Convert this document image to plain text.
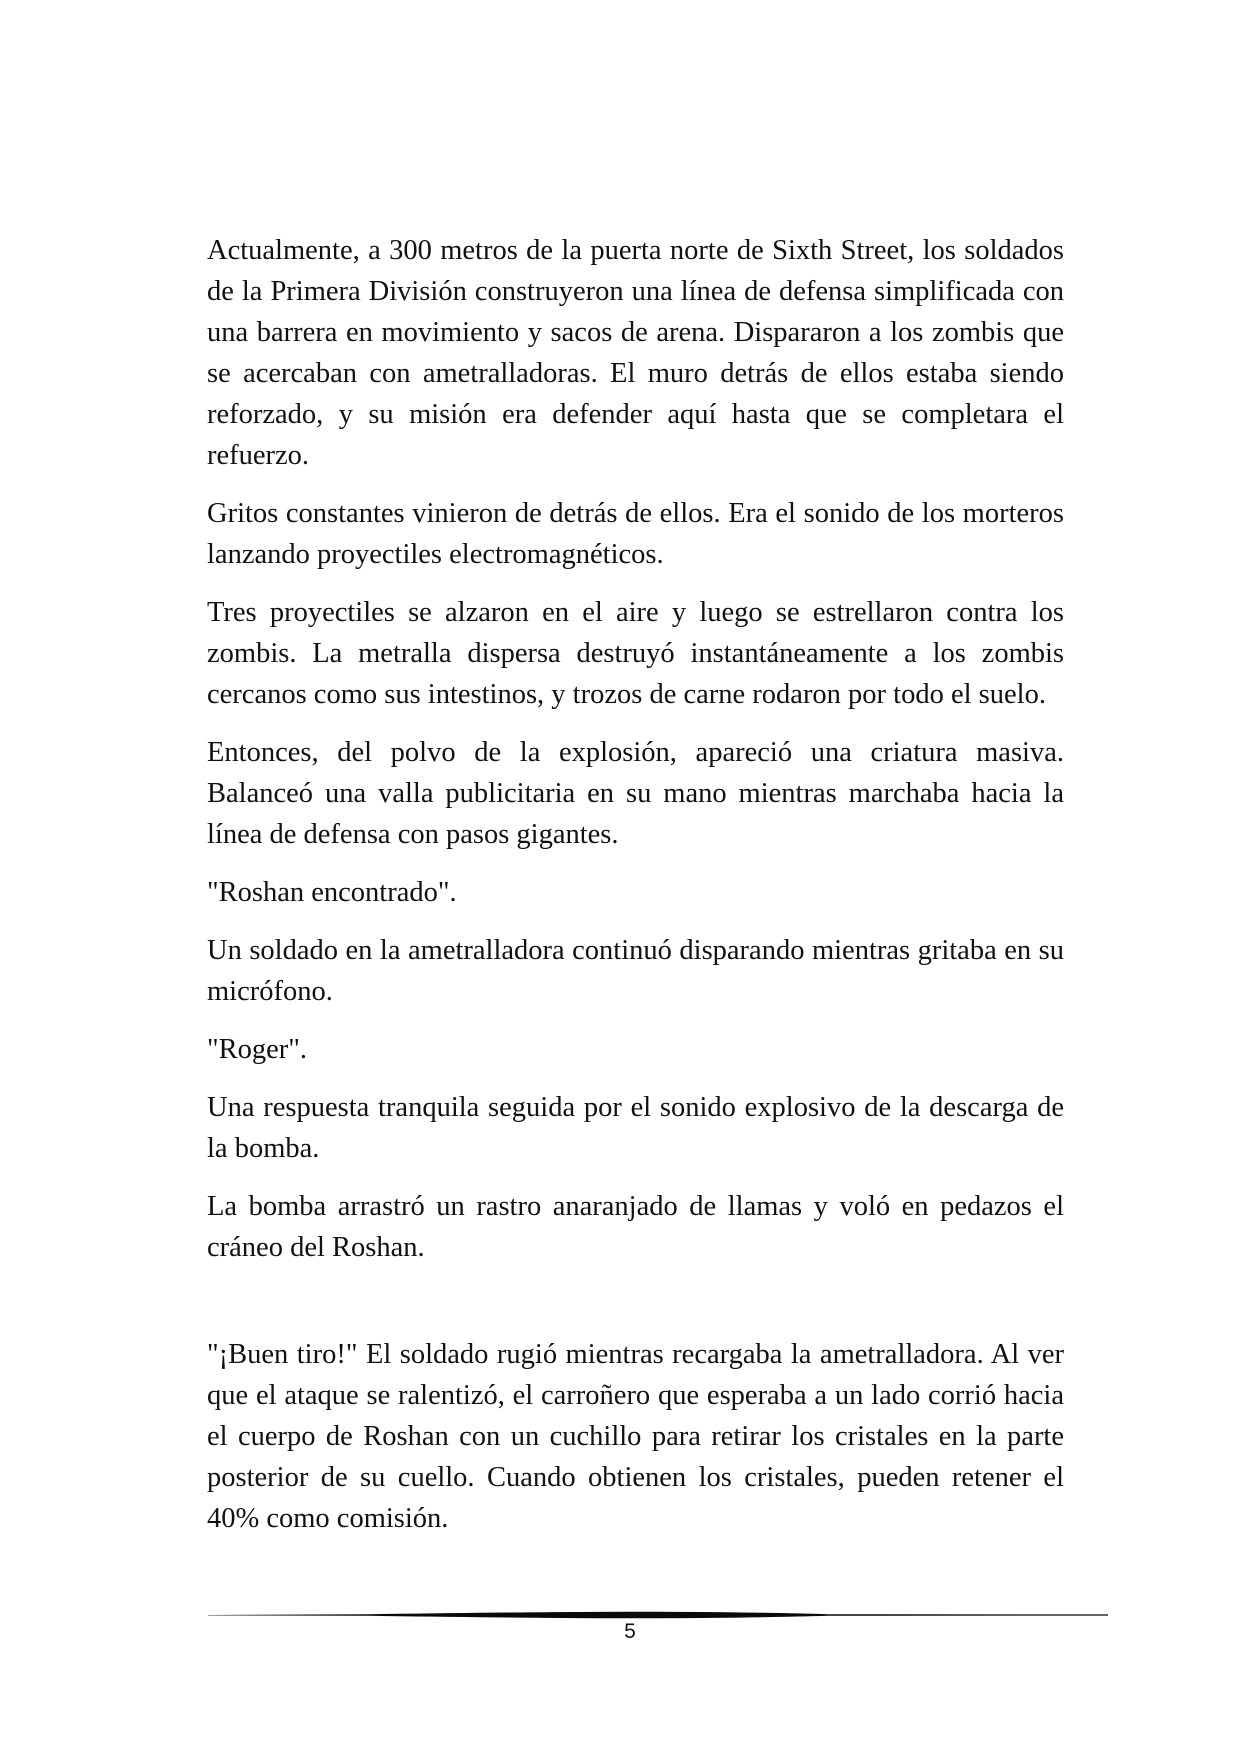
Actualmente, a 300 metros de la puerta norte de Sixth Street, los soldados de la Primera División construyeron una línea de defensa simplificada con una barrera en movimiento y sacos de arena. Dispararon a los zombis que se acercaban con ametralladoras. El muro detrás de ellos estaba siendo reforzado, y su misión era defender aquí hasta que se completara el refuerzo.

Gritos constantes vinieron de detrás de ellos. Era el sonido de los morteros lanzando proyectiles electromagnéticos.

Tres proyectiles se alzaron en el aire y luego se estrellaron contra los zombis. La metralla dispersa destruyó instantáneamente a los zombis cercanos como sus intestinos, y trozos de carne rodaron por todo el suelo.

Entonces, del polvo de la explosión, apareció una criatura masiva. Balanceó una valla publicitaria en su mano mientras marchaba hacia la línea de defensa con pasos gigantes.

"Roshan encontrado".

Un soldado en la ametralladora continuó disparando mientras gritaba en su micrófono.

"Roger".

Una respuesta tranquila seguida por el sonido explosivo de la descarga de la bomba.

La bomba arrastró un rastro anaranjado de llamas y voló en pedazos el cráneo del Roshan.

"¡Buen tiro!" El soldado rugió mientras recargaba la ametralladora. Al ver que el ataque se ralentizó, el carroñero que esperaba a un lado corrió hacia el cuerpo de Roshan con un cuchillo para retirar los cristales en la parte posterior de su cuello. Cuando obtienen los cristales, pueden retener el 40% como comisión.

5
